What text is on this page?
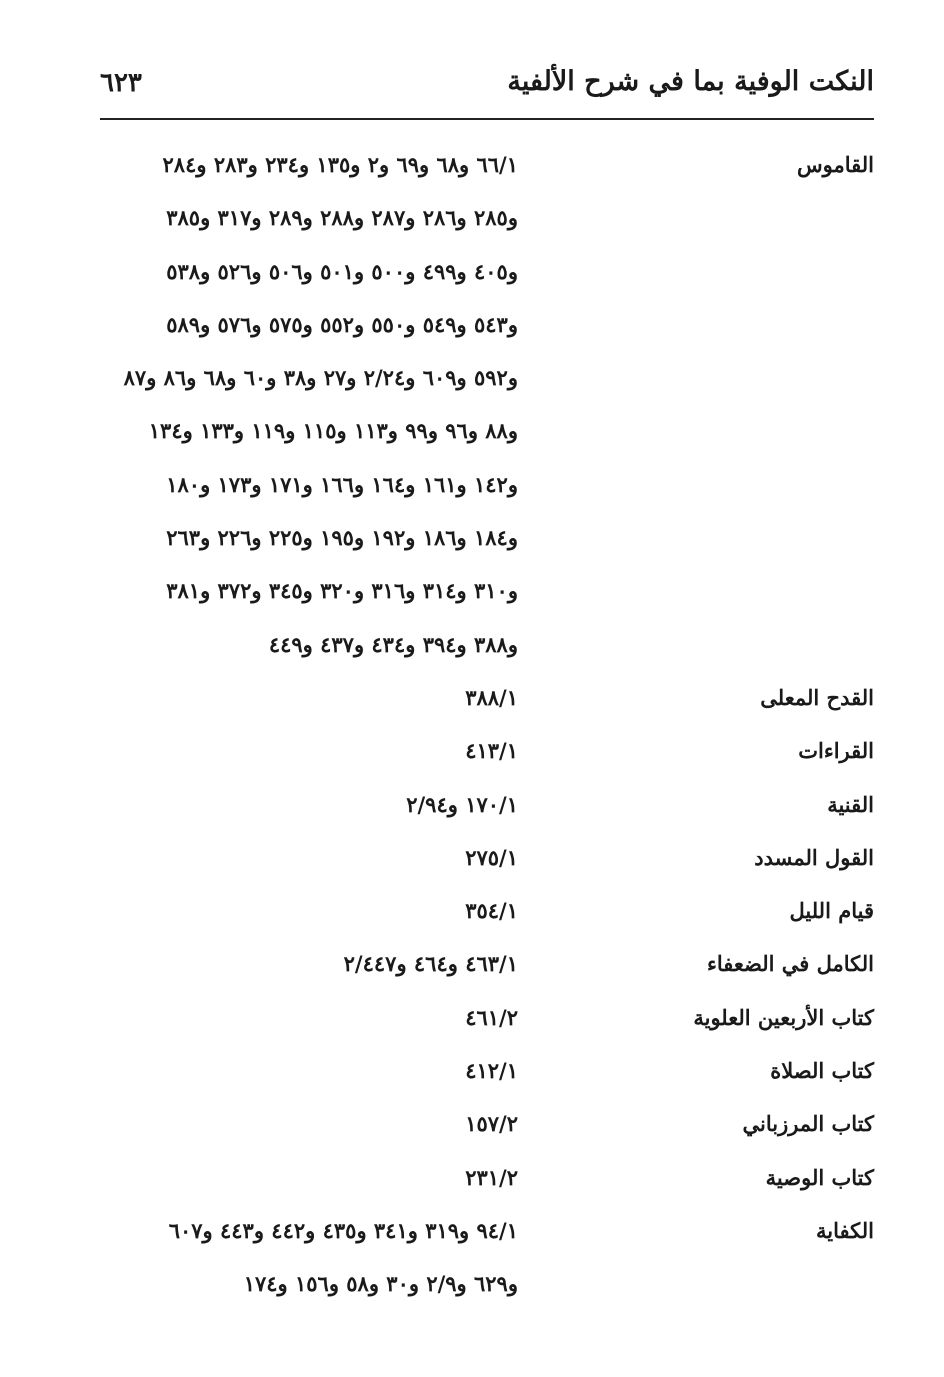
النكت الوفية بما في شرح الألفية
٦٢٣
القاموس
٦٦/١ و٦٨ و٦٩ و٢ و١٣٥ و٢٣٤ و٢٨٣ و٢٨٤
و٢٨٥ و٢٨٦ و٢٨٧ و٢٨٨ و٢٨٩ و٣١٧ و٣٨٥
و٤٠٥ و٤٩٩ و٥٠٠ و٥٠١ و٥٠٦ و٥٢٦ و٥٣٨
و٥٤٣ و٥٤٩ و٥٥٠ و٥٥٢ و٥٧٥ و٥٧٦ و٥٨٩
و٥٩٢ و٦٠٩ و٢/٢٤ و٢٧ و٣٨ و٦٠ و٦٨ و٨٦ و٨٧
و٨٨ و٩٦ و٩٩ و١١٣ و١١٥ و١١٩ و١٣٣ و١٣٤
و١٤٢ و١٦١ و١٦٤ و١٦٦ و١٧١ و١٧٣ و١٨٠
و١٨٤ و١٨٦ و١٩٢ و١٩٥ و٢٢٥ و٢٢٦ و٢٦٣
و٣١٠ و٣١٤ و٣١٦ و٣٢٠ و٣٤٥ و٣٧٢ و٣٨١
و٣٨٨ و٣٩٤ و٤٣٤ و٤٣٧ و٤٤٩
القدح المعلى
٣٨٨/١
القراءات
٤١٣/١
القنية
١٧٠/١ و٢/٩٤
القول المسدد
٢٧٥/١
قيام الليل
٣٥٤/١
الكامل في الضعفاء
٤٦٣/١ و٤٦٤ و٢/٤٤٧
كتاب الأربعين العلوية
٤٦١/٢
كتاب الصلاة
٤١٢/١
كتاب المرزباني
١٥٧/٢
كتاب الوصية
٢٣١/٢
الكفاية
٩٤/١ و٣١٩ و٣٤١ و٤٣٥ و٤٤٢ و٤٤٣ و٦٠٧
و٦٢٩ و٢/٩ و٣٠ و٥٨ و١٥٦ و١٧٤
